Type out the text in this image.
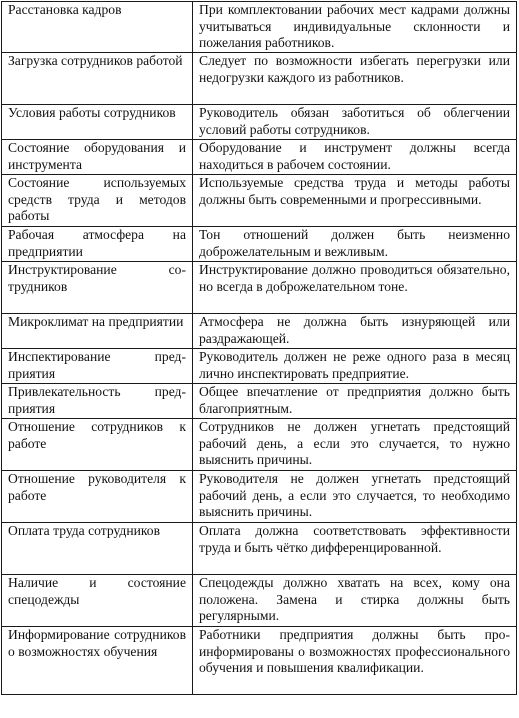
Расстановка кадров	При комплектовании рабочих мест кадрами должны учитываться индивидуальные склонности и пожелания работников.
Загрузка сотрудников работой	Следует по возможности избегать перегрузки или недогрузки каждого из работников.
Условия работы сотрудников	Руководитель обязан заботиться об облегчении условий работы сотрудников.
Состояние оборудования и инструмента	Оборудование и инструмент должны всегда находиться в рабочем состоянии.
Состояние используемых средств труда и методов работы	Используемые средства труда и методы работы должны быть современными и прогрессивными.
Рабочая атмосфера на предприятии	Тон отношений должен быть неизменно доброжелательным и вежливым.
Инструктирование сотрудников	Инструктирование должно проводиться обязательно, но всегда в доброжелательном тоне.
Микроклимат на предприятии	Атмосфера не должна быть изнуряющей или раздражающей.
Инспектирование предприятия	Руководитель должен не реже одного раза в месяц лично инспектировать предприятие.
Привлекательность предприятия	Общее впечатление от предприятия должно быть благоприятным.
Отношение сотрудников к работе	Сотрудников не должен угнетать предстоящий рабочий день, а если это случается, то нужно выяснить причины.
Отношение руководителя к работе	Руководителя не должен угнетать предстоящий рабочий день, а если это случается, то необходимо выяснить причины.
Оплата труда сотрудников	Оплата должна соответствовать эффективности труда и быть чётко дифференцированной.
Наличие и состояние спецодежды	Спецодежды должно хватать на всех, кому она положена. Замена и стирка должны быть регулярными.
Информирование сотрудников о возможностях обучения	Работники предприятия должны быть проинформированы о возможностях профессионального обучения и повышения квалификации.
